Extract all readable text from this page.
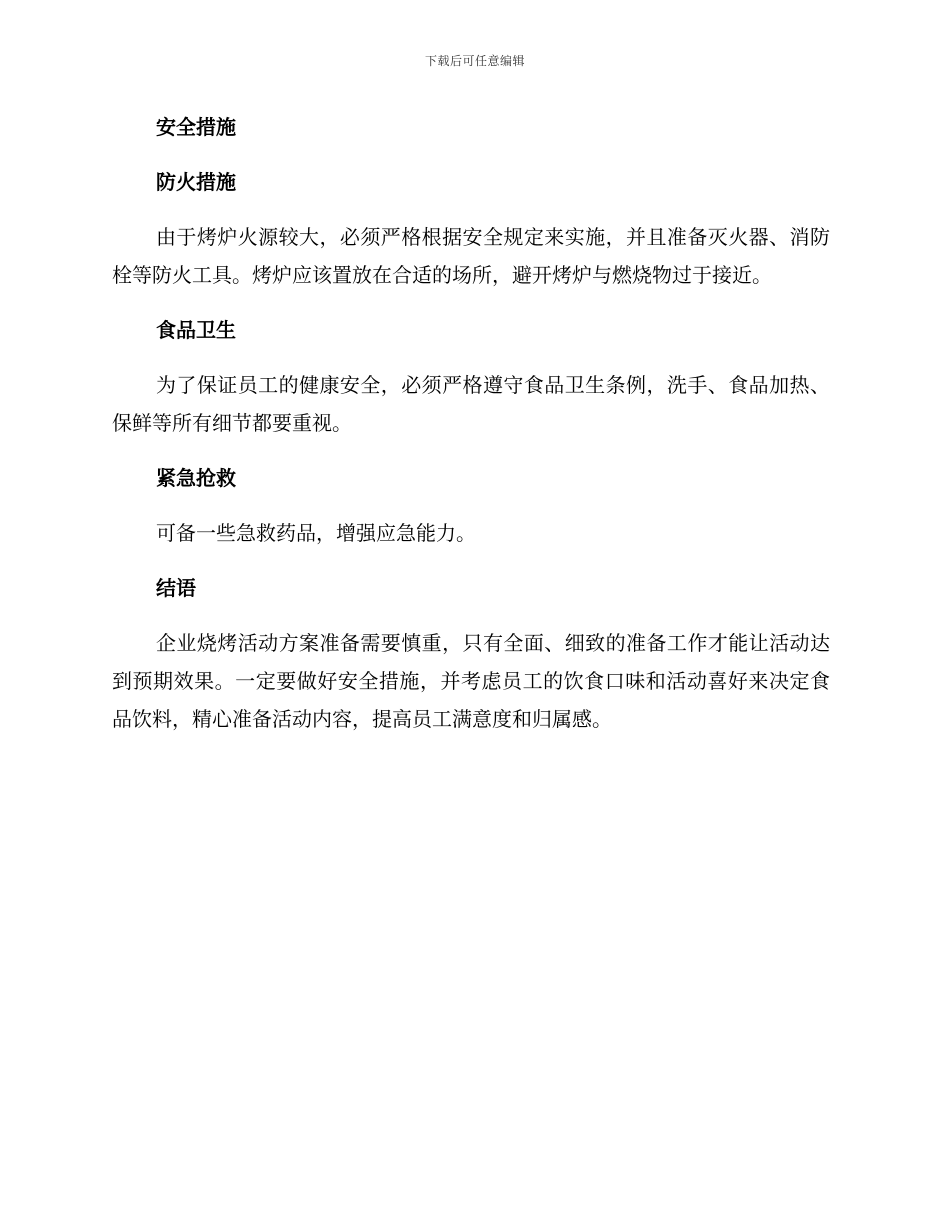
下载后可任意编辑
安全措施
防火措施

由于烤炉火源较大，必须严格根据安全规定来实施，并且准备灭火器、消防栓等防火工具。烤炉应该置放在合适的场所，避开烤炉与燃烧物过于接近。

食品卫生

为了保证员工的健康安全，必须严格遵守食品卫生条例，洗手、食品加热、保鲜等所有细节都要重视。

紧急抢救

可备一些急救药品，增强应急能力。

结语

企业烧烤活动方案准备需要慎重，只有全面、细致的准备工作才能让活动达到预期效果。一定要做好安全措施，并考虑员工的饮食口味和活动喜好来决定食品饮料，精心准备活动内容，提高员工满意度和归属感。
